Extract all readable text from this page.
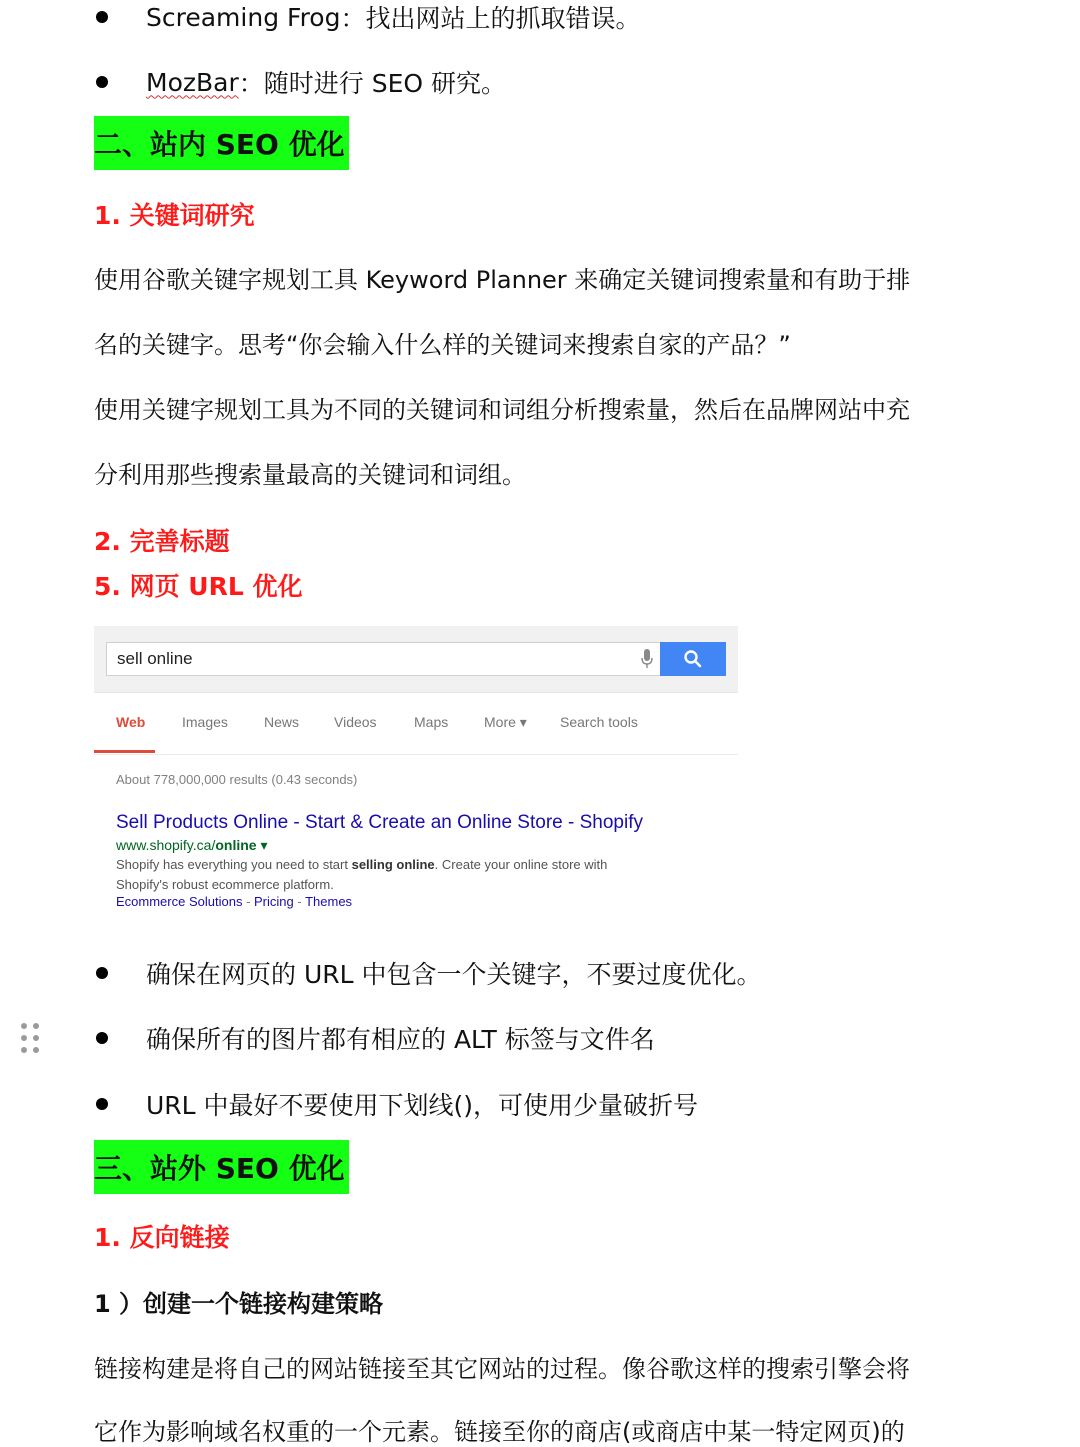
Screaming Frog ：找出网站上的抓取错误。
MozBar ：随时进行 SEO 研究。
二、站内 SEO 优化
1. 关键词研究
使用谷歌关键字规划工具 Keyword Planner 来确定关键词搜索量和有助于排
名的关键字。思考“你会输入什么样的关键词来搜索自家的产品？”
使用关键字规划工具为不同的关键词和词组分析搜索量，然后在品牌网站中充
分利用那些搜索量最高的关键词和词组。
2. 完善标题
5. 网页 URL 优化
sell online
Web	Images	News Videos	Maps	More ▾ Search tools
About 778,000,000 results (0.43 seconds)
Sell Products Online - Start & Create an Online Store - Shopify
www.shopify.ca/online ▾
Shopify has everything you need to start selling online. Create your online store with
Shopify's robust ecommerce platform.
Ecommerce Solutions - Pricing - Themes
确保在网页的 URL 中包含一个关键字，不要过度优化。
确保所有的图片都有相应的 ALT 标签与文件名
URL 中最好不要使用下划线()，可使用少量破折号
三、站外 SEO 优化
1. 反向链接
1 ）创建一个链接构建策略
链接构建是将自己的网站链接至其它网站的过程。像谷歌这样的搜索引擎会将
它作为影响域名权重的一个元素。链接至你的商店(或商店中某一特定网页)的
